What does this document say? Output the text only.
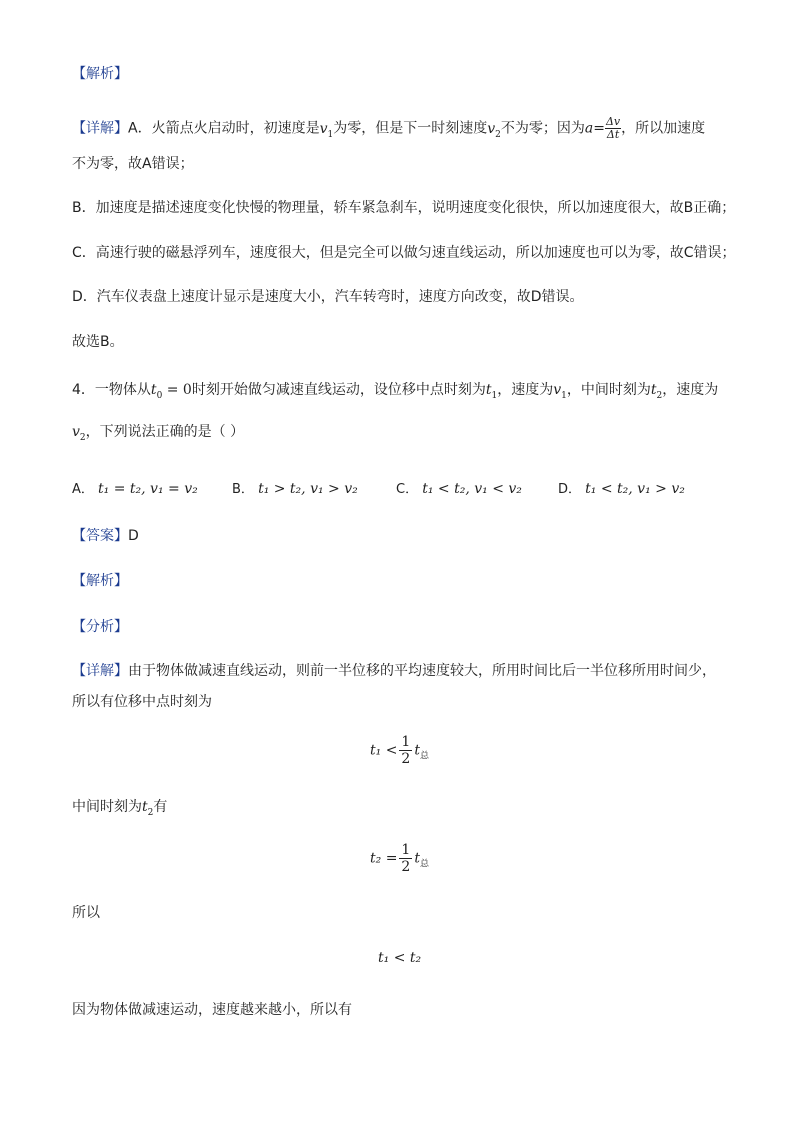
【解析】
【详解】A．火箭点火启动时，初速度是$v_1$为零，但是下一时刻速度$v_2$不为零；因为$a= \frac{\Delta v}{\Delta t}$ ，所以加速度
不为零，故A错误；
B．加速度是描述速度变化快慢的物理量，轿车紧急刹车，说明速度变化很快，所以加速度很大，故B正确；
C．高速行驶的磁悬浮列车，速度很大，但是完全可以做匀速直线运动，所以加速度也可以为零，故C错误；
D．汽车仪表盘上速度计显示是速度大小，汽车转弯时，速度方向改变，故D错误。
故选B。
4．一物体从$t_0 = 0$时刻开始做匀减速直线运动，设位移中点时刻为$t_1$，速度为$v_1$，中间时刻为$t_2$，速度为
$v_2$，下列说法正确的是（ ）
A． t₁ = t₂, v₁ = v₂	B． t₁ > t₂, v₁ > v₂	C． t₁ < t₂, v₁ < v₂	D． t₁ < t₂, v₁ > v₂
【答案】D
【解析】
【分析】
【详解】由于物体做减速直线运动，则前一半位移的平均速度较大，所用时间比后一半位移所用时间少，
所以有位移中点时刻为
$t_1 < \frac{1}{2} t_总$
中间时刻为$t_2$有
$t_2 = \frac{1}{2} t_总$
所以
t₁ < t₂
因为物体做减速运动，速度越来越小，所以有
